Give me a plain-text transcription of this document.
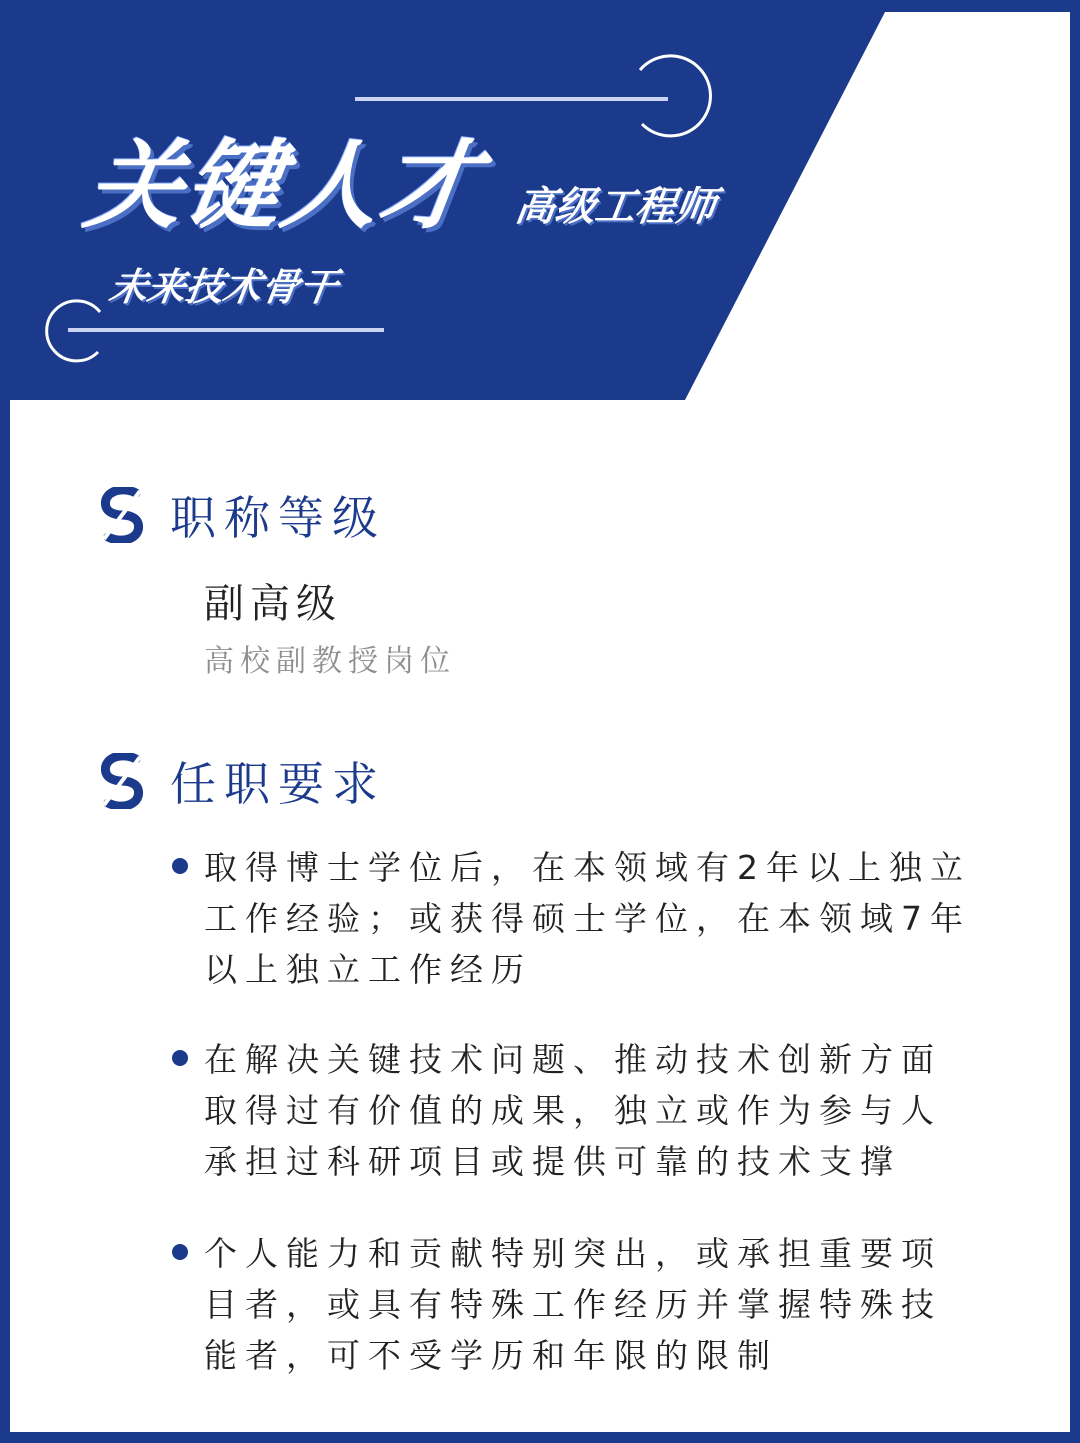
关键人才 高级工程师
未来技术骨干
职称等级
副高级
高校副教授岗位
任职要求
取得博士学位后，在本领域有2年以上独立
工作经验；或获得硕士学位，在本领域7年
以上独立工作经历
在解决关键技术问题、推动技术创新方面
取得过有价值的成果，独立或作为参与人
承担过科研项目或提供可靠的技术支撑
个人能力和贡献特别突出，或承担重要项
目者，或具有特殊工作经历并掌握特殊技
能者，可不受学历和年限的限制
